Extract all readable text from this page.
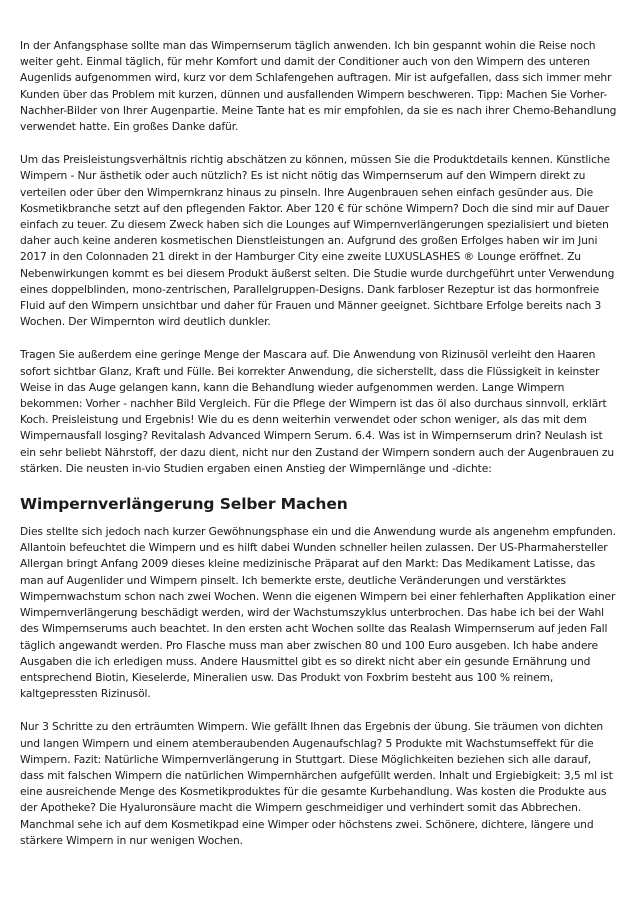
In der Anfangsphase sollte man das Wimpernserum täglich anwenden. Ich bin gespannt wohin die Reise noch weiter geht. Einmal täglich, für mehr Komfort und damit der Conditioner auch von den Wimpern des unteren Augenlids aufgenommen wird, kurz vor dem Schlafengehen auftragen. Mir ist aufgefallen, dass sich immer mehr Kunden über das Problem mit kurzen, dünnen und ausfallenden Wimpern beschweren. Tipp: Machen Sie Vorher-Nachher-Bilder von Ihrer Augenpartie. Meine Tante hat es mir empfohlen, da sie es nach ihrer Chemo-Behandlung verwendet hatte. Ein großes Danke dafür.

Um das Preisleistungsverhältnis richtig abschätzen zu können, müssen Sie die Produktdetails kennen. Künstliche Wimpern - Nur ästhetik oder auch nützlich? Es ist nicht nötig das Wimpernserum auf den Wimpern direkt zu verteilen oder über den Wimpernkranz hinaus zu pinseln. Ihre Augenbrauen sehen einfach gesünder aus. Die Kosmetikbranche setzt auf den pflegenden Faktor. Aber 120 € für schöne Wimpern? Doch die sind mir auf Dauer einfach zu teuer. Zu diesem Zweck haben sich die Lounges auf Wimpernverlängerungen spezialisiert und bieten daher auch keine anderen kosmetischen Dienstleistungen an. Aufgrund des großen Erfolges haben wir im Juni 2017 in den Colonnaden 21 direkt in der Hamburger City eine zweite LUXUSLASHES ® Lounge eröffnet. Zu Nebenwirkungen kommt es bei diesem Produkt äußerst selten. Die Studie wurde durchgeführt unter Verwendung eines doppelblinden, mono-zentrischen, Parallelgruppen-Designs. Dank farbloser Rezeptur ist das hormonfreie Fluid auf den Wimpern unsichtbar und daher für Frauen und Männer geeignet. Sichtbare Erfolge bereits nach 3 Wochen. Der Wimpernton wird deutlich dunkler.

Tragen Sie außerdem eine geringe Menge der Mascara auf. Die Anwendung von Rizinusöl verleiht den Haaren sofort sichtbar Glanz, Kraft und Fülle. Bei korrekter Anwendung, die sicherstellt, dass die Flüssigkeit in keinster Weise in das Auge gelangen kann, kann die Behandlung wieder aufgenommen werden. Lange Wimpern bekommen: Vorher - nachher Bild Vergleich. Für die Pflege der Wimpern ist das öl also durchaus sinnvoll, erklärt Koch. Preisleistung und Ergebnis! Wie du es denn weiterhin verwendet oder schon weniger, als das mit dem Wimpernausfall losging? Revitalash Advanced Wimpern Serum. 6.4. Was ist in Wimpernserum drin? Neulash ist ein sehr beliebt Nährstoff, der dazu dient, nicht nur den Zustand der Wimpern sondern auch der Augenbrauen zu stärken. Die neusten in-vio Studien ergaben einen Anstieg der Wimpernlänge und -dichte:

Wimpernverlängerung Selber Machen

Dies stellte sich jedoch nach kurzer Gewöhnungsphase ein und die Anwendung wurde als angenehm empfunden. Allantoin befeuchtet die Wimpern und es hilft dabei Wunden schneller heilen zulassen. Der US-Pharmahersteller Allergan bringt Anfang 2009 dieses kleine medizinische Präparat auf den Markt: Das Medikament Latisse, das man auf Augenlider und Wimpern pinselt. Ich bemerkte erste, deutliche Veränderungen und verstärktes Wimpernwachstum schon nach zwei Wochen. Wenn die eigenen Wimpern bei einer fehlerhaften Applikation einer Wimpernverlängerung beschädigt werden, wird der Wachstumszyklus unterbrochen. Das habe ich bei der Wahl des Wimpernserums auch beachtet. In den ersten acht Wochen sollte das Realash Wimpernserum auf jeden Fall täglich angewandt werden. Pro Flasche muss man aber zwischen 80 und 100 Euro ausgeben. Ich habe andere Ausgaben die ich erledigen muss. Andere Hausmittel gibt es so direkt nicht aber ein gesunde Ernährung und entsprechend Biotin, Kieselerde, Mineralien usw. Das Produkt von Foxbrim besteht aus 100 % reinem, kaltgepressten Rizinusöl.

Nur 3 Schritte zu den erträumten Wimpern. Wie gefällt Ihnen das Ergebnis der übung. Sie träumen von dichten und langen Wimpern und einem atemberaubenden Augenaufschlag? 5 Produkte mit Wachstumseffekt für die Wimpern. Fazit: Natürliche Wimpernverlängerung in Stuttgart. Diese Möglichkeiten beziehen sich alle darauf, dass mit falschen Wimpern die natürlichen Wimpernhärchen aufgefüllt werden. Inhalt und Ergiebigkeit: 3,5 ml ist eine ausreichende Menge des Kosmetikproduktes für die gesamte Kurbehandlung. Was kosten die Produkte aus der Apotheke? Die Hyaluronsäure macht die Wimpern geschmeidiger und verhindert somit das Abbrechen. Manchmal sehe ich auf dem Kosmetikpad eine Wimper oder höchstens zwei. Schönere, dichtere, längere und stärkere Wimpern in nur wenigen Wochen.
